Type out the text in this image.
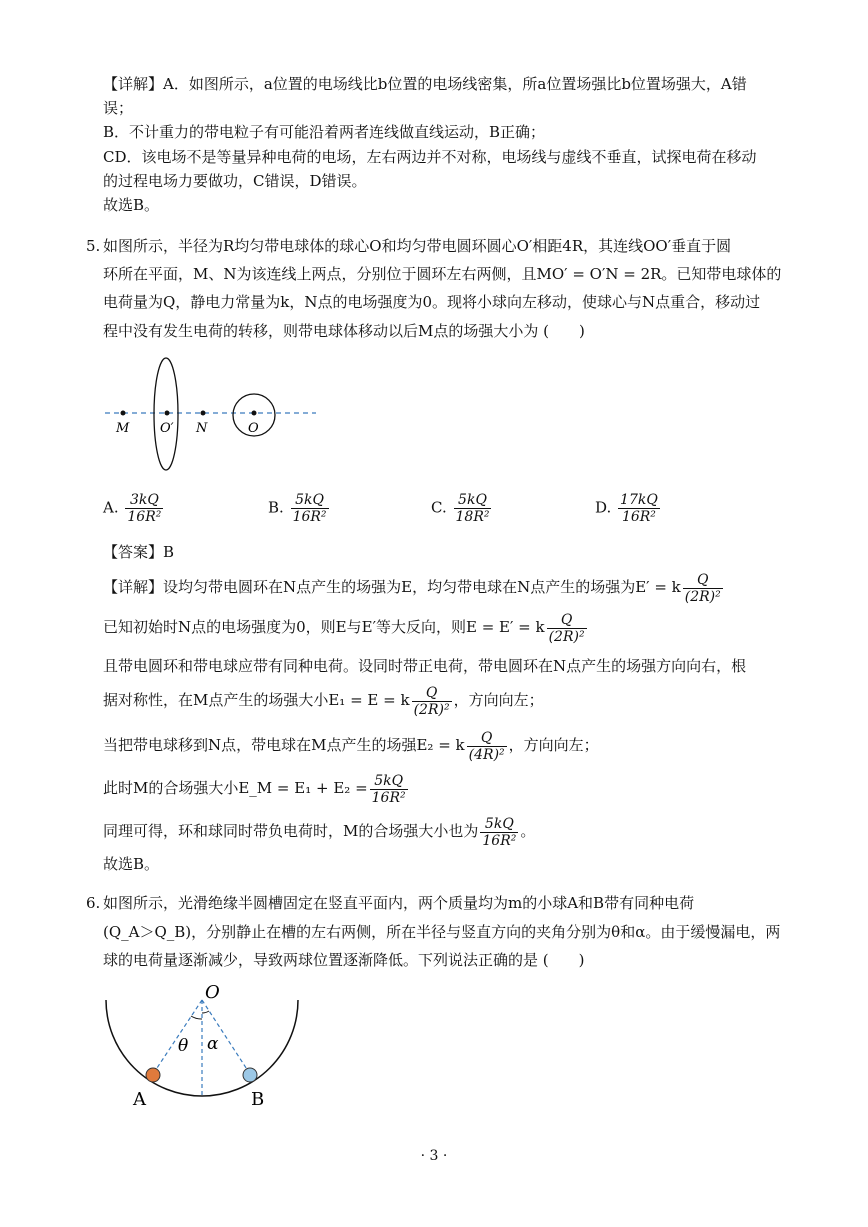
【详解】A．如图所示，a位置的电场线比b位置的电场线密集，所a位置场强比b位置场强大，A错
误；
B．不计重力的带电粒子有可能沿着两者连线做直线运动，B正确；
CD．该电场不是等量异种电荷的电场，左右两边并不对称，电场线与虚线不垂直，试探电荷在移动
的过程电场力要做功，C错误，D错误。
故选B。
5. 如图所示，半径为R均匀带电球体的球心O和均匀带电圆环圆心O′相距4R，其连线OO′垂直于圆
环所在平面，M、N为该连线上两点，分别位于圆环左右两侧，且MO′ = O′N = 2R。已知带电球体的
电荷量为Q，静电力常量为k，N点的电场强度为0。现将小球向左移动，使球心与N点重合，移动过
程中没有发生电荷的转移，则带电球体移动以后M点的场强大小为 (　　)
M O′ N	O
A. $\frac{3kQ}{\text{16R²}}$	B. $\frac{5kQ}{\text{16R²}}$	C. $\frac{5kQ}{\text{18R²}}$	D. $\frac{17kQ}{\text{16R²}}$
【答案】B
【详解】设均匀带电圆环在N点产生的场强为E，均匀带电球在N点产生的场强为E′ = k $\frac{Q}{\text{(2R)²}}$
已知初始时N点的电场强度为0，则E与E′等大反向，则E = E′ = k $\frac{Q}{\text{(2R)²}}$
且带电圆环和带电球应带有同种电荷。设同时带正电荷，带电圆环在N点产生的场强方向向右，根
据对称性，在M点产生的场强大小E₁ = E = k $\frac{Q}{\text{(2R)²}}$ ，方向向左；
当把带电球移到N点，带电球在M点产生的场强E₂ = k $\frac{Q}{\text{(4R)²}}$ ，方向向左；
此时M的合场强大小E_M = $E_1 + E_2 = \frac{5kQ}{\text{16R²}}$
同理可得，环和球同时带负电荷时，M的合场强大小也为 $\frac{5kQ}{\text{16R²}}$ 。
故选B。
6. 如图所示，光滑绝缘半圆槽固定在竖直平面内，两个质量均为m的小球A和B带有同种电荷
(Q_A＞Q_B)，分别静止在槽的左右两侧，所在半径与竖直方向的夹角分别为θ和α。由于缓慢漏电，两
球的电荷量逐渐减少，导致两球位置逐渐降低。下列说法正确的是 (　　)
O
θ α
A	B
· 3 ·
